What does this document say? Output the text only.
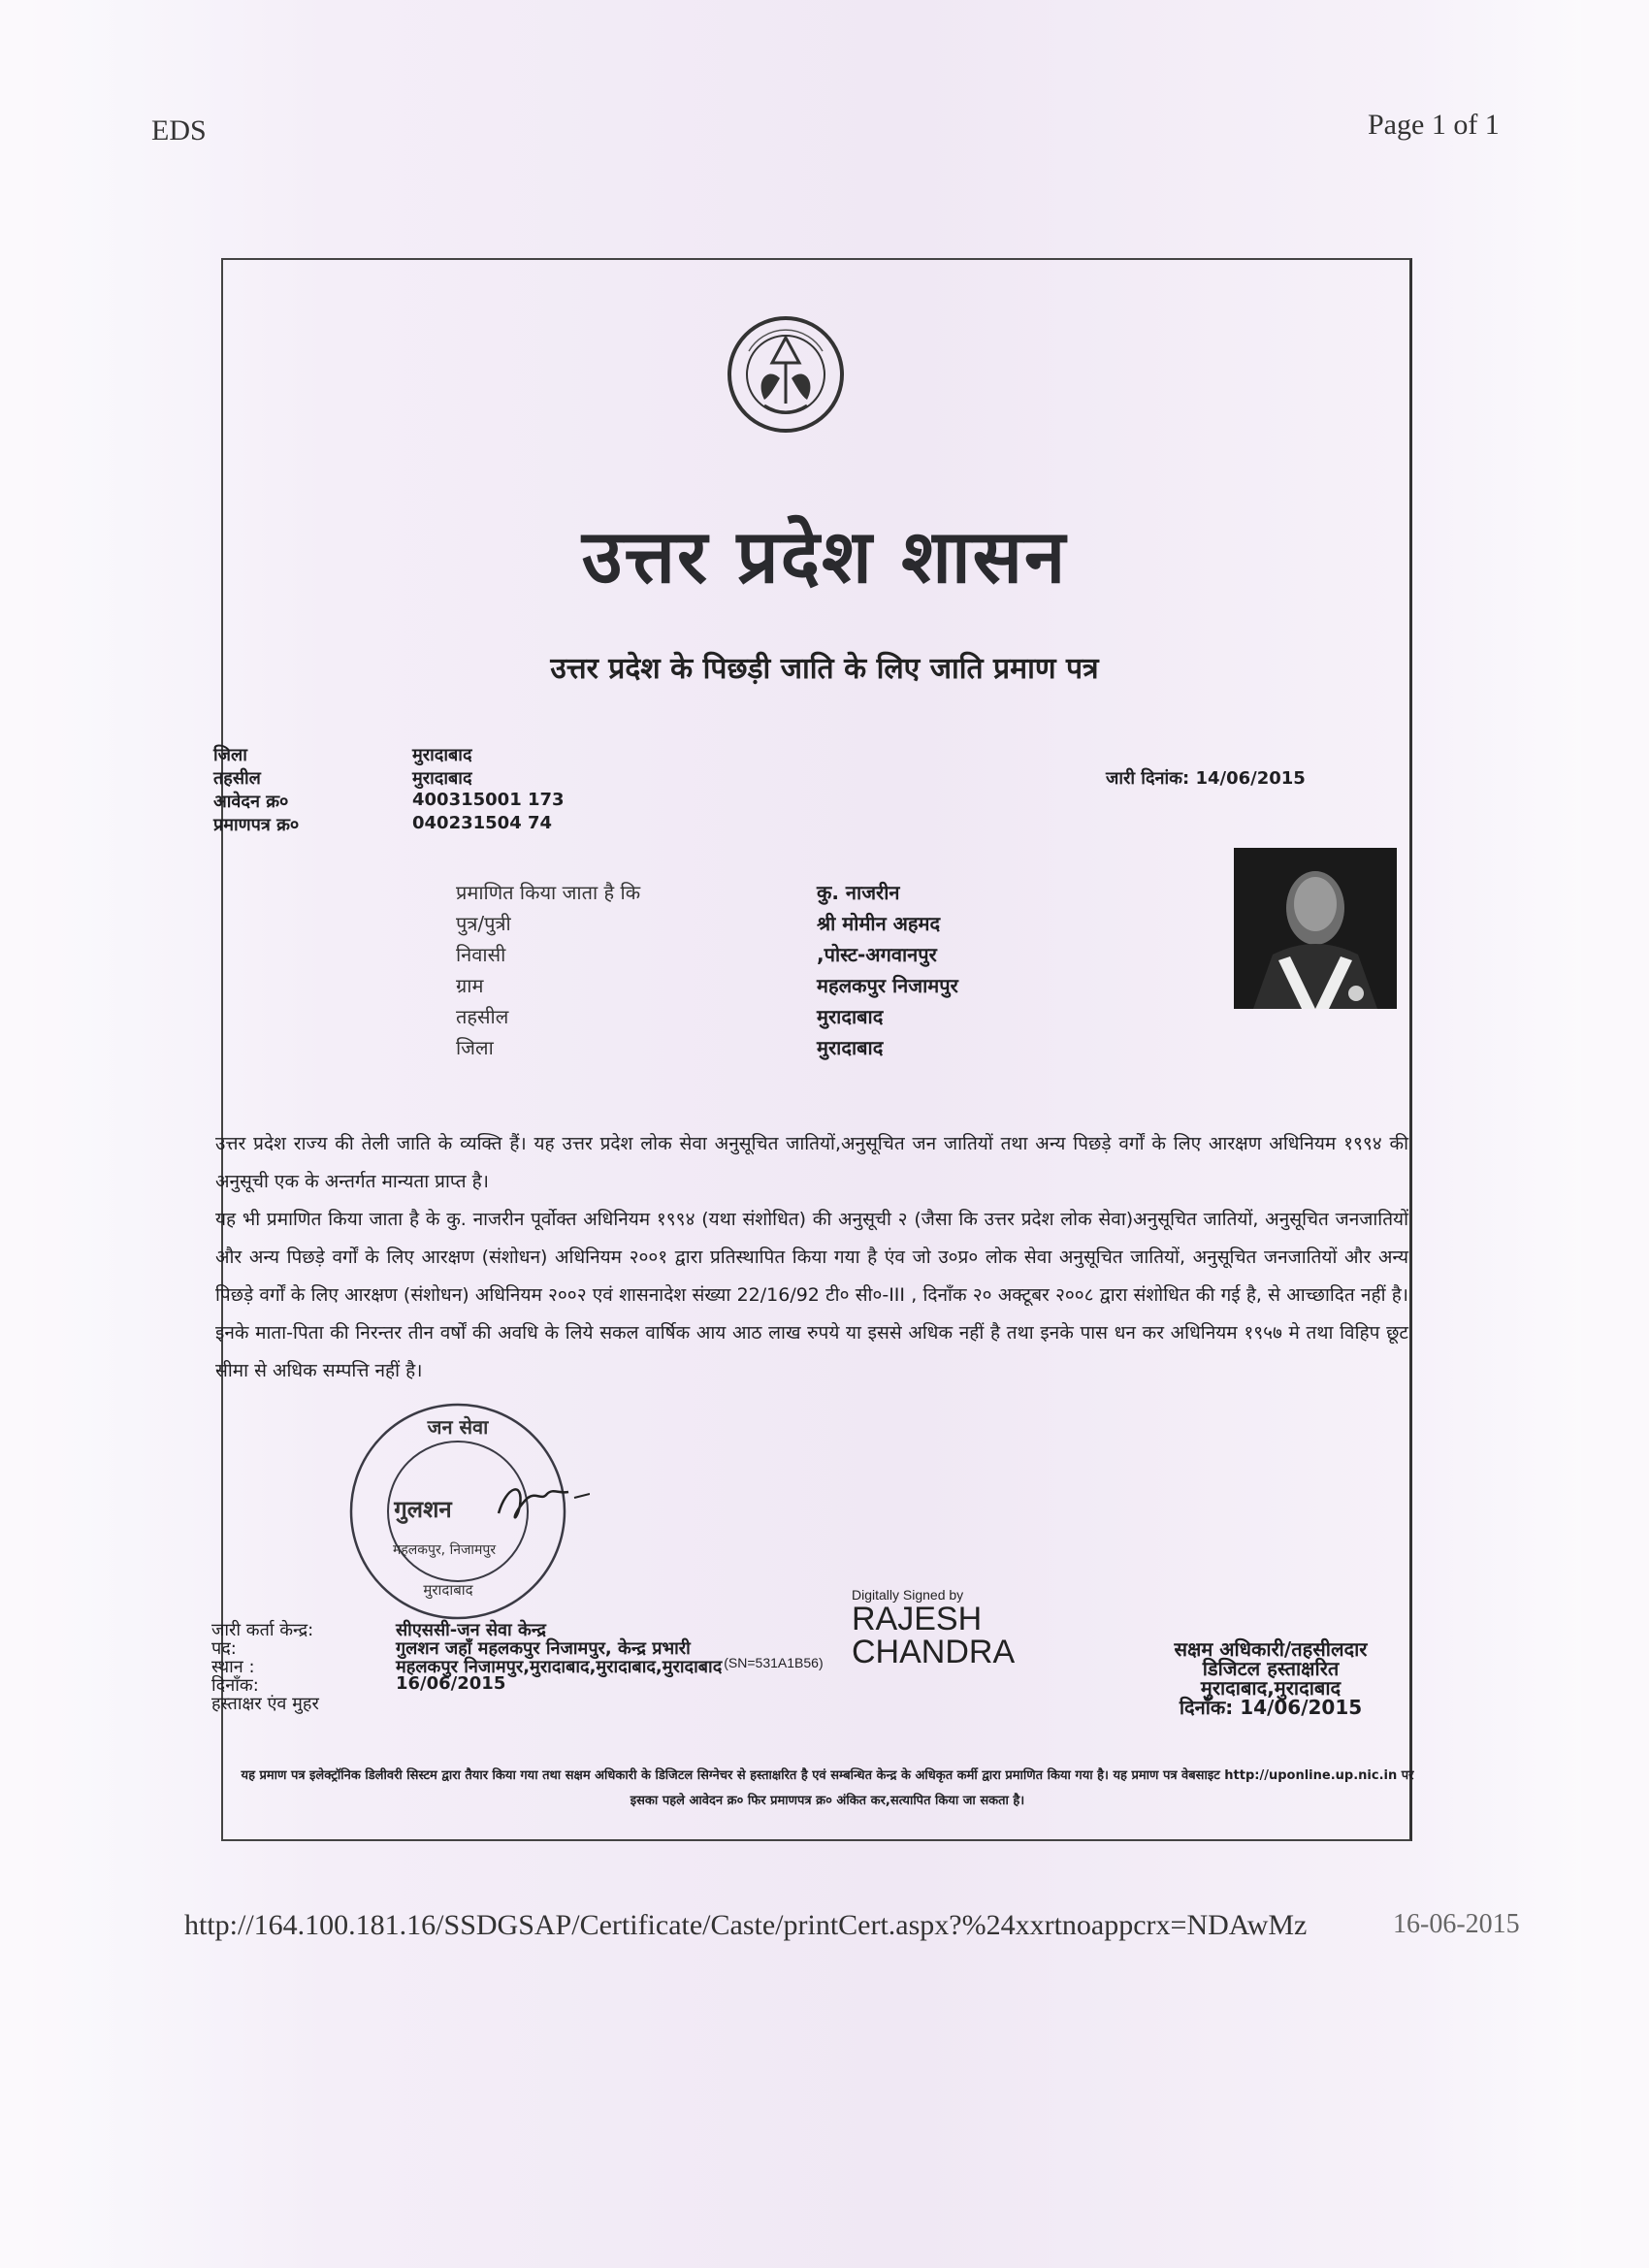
EDS	Page 1 of 1
उत्तर प्रदेश शासन
उत्तर प्रदेश के पिछड़ी जाति के लिए जाति प्रमाण पत्र
जिला	मुरादाबाद
तहसील	मुरादाबाद
आवेदन क्र०	400315001 173
प्रमाणपत्र क्र०	040231504 74
जारी दिनांक: 14/06/2015
प्रमाणित किया जाता है कि	कु. नाजरीन
पुत्र/पुत्री	श्री मोमीन अहमद
निवासी	,पोस्ट-अगवानपुर
ग्राम	महलकपुर निजामपुर
तहसील	मुरादाबाद
जिला	मुरादाबाद
उत्तर प्रदेश राज्य की तेली जाति के व्यक्ति हैं। यह उत्तर प्रदेश लोक सेवा अनुसूचित जातियों,अनुसूचित जन जातियों तथा अन्य पिछड़े वर्गों के लिए आरक्षण अधिनियम १९९४ की अनुसूची एक के अन्तर्गत मान्यता प्राप्त है।
यह भी प्रमाणित किया जाता है के कु. नाजरीन पूर्वोक्त अधिनियम १९९४ (यथा संशोधित) की अनुसूची २ (जैसा कि उत्तर प्रदेश लोक सेवा)अनुसूचित जातियों, अनुसूचित जनजातियों और अन्य पिछड़े वर्गों के लिए आरक्षण (संशोधन) अधिनियम २००१ द्वारा प्रतिस्थापित किया गया है एंव जो उ०प्र० लोक सेवा अनुसूचित जातियों, अनुसूचित जनजातियों और अन्य पिछड़े वर्गों के लिए आरक्षण (संशोधन) अधिनियम २००२ एवं शासनादेश संख्या 22/16/92 टी० सी०-III , दिनाँक २० अक्टूबर २००८ द्वारा संशोधित की गई है, से आच्छादित नहीं है।इनके माता-पिता की निरन्तर तीन वर्षों की अवधि के लिये सकल वार्षिक आय आठ लाख रुपये या इससे अधिक नहीं है तथा इनके पास धन कर अधिनियम १९५७ मे तथा विहिप छूट सीमा से अधिक सम्पत्ति नहीं है।
जन सेवा
गुलशन
महलकपुर, निजामपुर
मुरादाबाद	Digitally Signed by
RAJESH
CHANDRA
जारी कर्ता केन्द्र:	सीएससी-जन सेवा केन्द्र
पद:	गुलशन जहाँ महलकपुर निजामपुर, केन्द्र प्रभारी
स्थान :	महलकपुर निजामपुर,मुरादाबाद,मुरादाबाद,मुरादाबाद (SN=531A1B56)
दिनाँक:	16/06/2015
हस्ताक्षर एंव मुहर
सक्षम अधिकारी/तहसीलदार
डिजिटल हस्ताक्षरित
मुरादाबाद,मुरादाबाद
दिनाँक: 14/06/2015
यह प्रमाण पत्र इलेक्ट्रॉनिक डिलीवरी सिस्टम द्वारा तैयार किया गया तथा सक्षम अधिकारी के डिजिटल सिग्नेचर से हस्ताक्षरित है एवं सम्बन्धित केन्द्र के अधिकृत कर्मी द्वारा प्रमाणित किया गया है। यह प्रमाण पत्र वेबसाइट http://uponline.up.nic.in पर इसका पहले आवेदन क्र० फिर प्रमाणपत्र क्र० अंकित कर,सत्यापित किया जा सकता है।
http://164.100.181.16/SSDGSAP/Certificate/Caste/printCert.aspx?%24xxrtnoappcrx=NDAwMz	16-06-2015
